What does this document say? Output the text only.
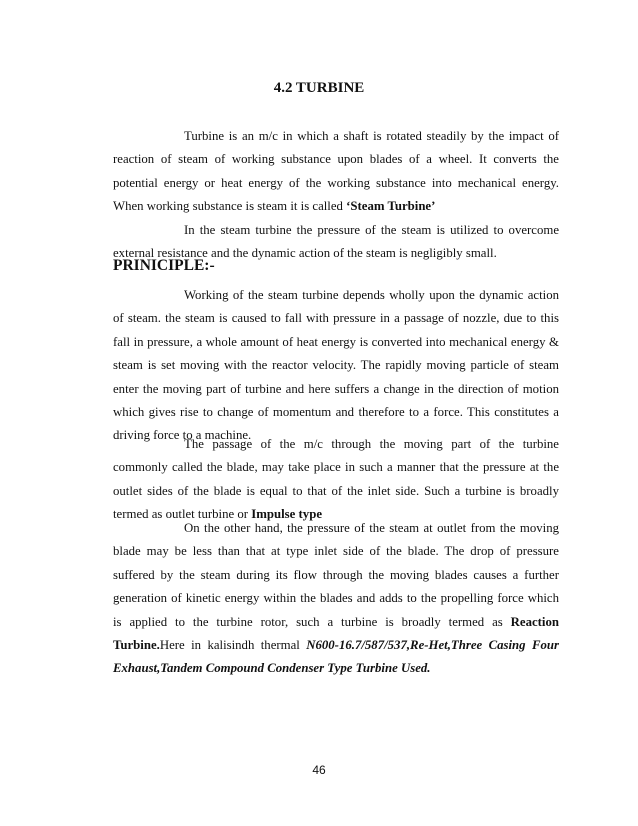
4.2 TURBINE

Turbine is an m/c in which a shaft is rotated steadily by the impact of reaction of steam of working substance upon blades of a wheel. It converts the potential energy or heat energy of the working substance into mechanical energy. When working substance is steam it is called ‘Steam Turbine’

In the steam turbine the pressure of the steam is utilized to overcome external resistance and the dynamic action of the steam is negligibly small.

PRINICIPLE:-

Working of the steam turbine depends wholly upon the dynamic action of steam. the steam is caused to fall with pressure in a passage of nozzle, due to this fall in pressure, a whole amount of heat energy is converted into mechanical energy & steam is set moving with the reactor velocity. The rapidly moving particle of steam enter the moving part of turbine and here suffers a change in the direction of motion which gives rise to change of momentum and therefore to a force. This constitutes a driving force to a machine.

The passage of the m/c through the moving part of the turbine commonly called the blade, may take place in such a manner that the pressure at the outlet sides of the blade is equal to that of the inlet side. Such a turbine is broadly termed as outlet turbine or Impulse type

On the other hand, the pressure of the steam at outlet from the moving blade may be less than that at type inlet side of the blade. The drop of pressure suffered by the steam during its flow through the moving blades causes a further generation of kinetic energy within the blades and adds to the propelling force which is applied to the turbine rotor, such a turbine is broadly termed as Reaction Turbine.Here in kalisindh thermal N600-16.7/587/537,Re-Het,Three Casing Four Exhaust,Tandem Compound Condenser Type Turbine Used.

46
